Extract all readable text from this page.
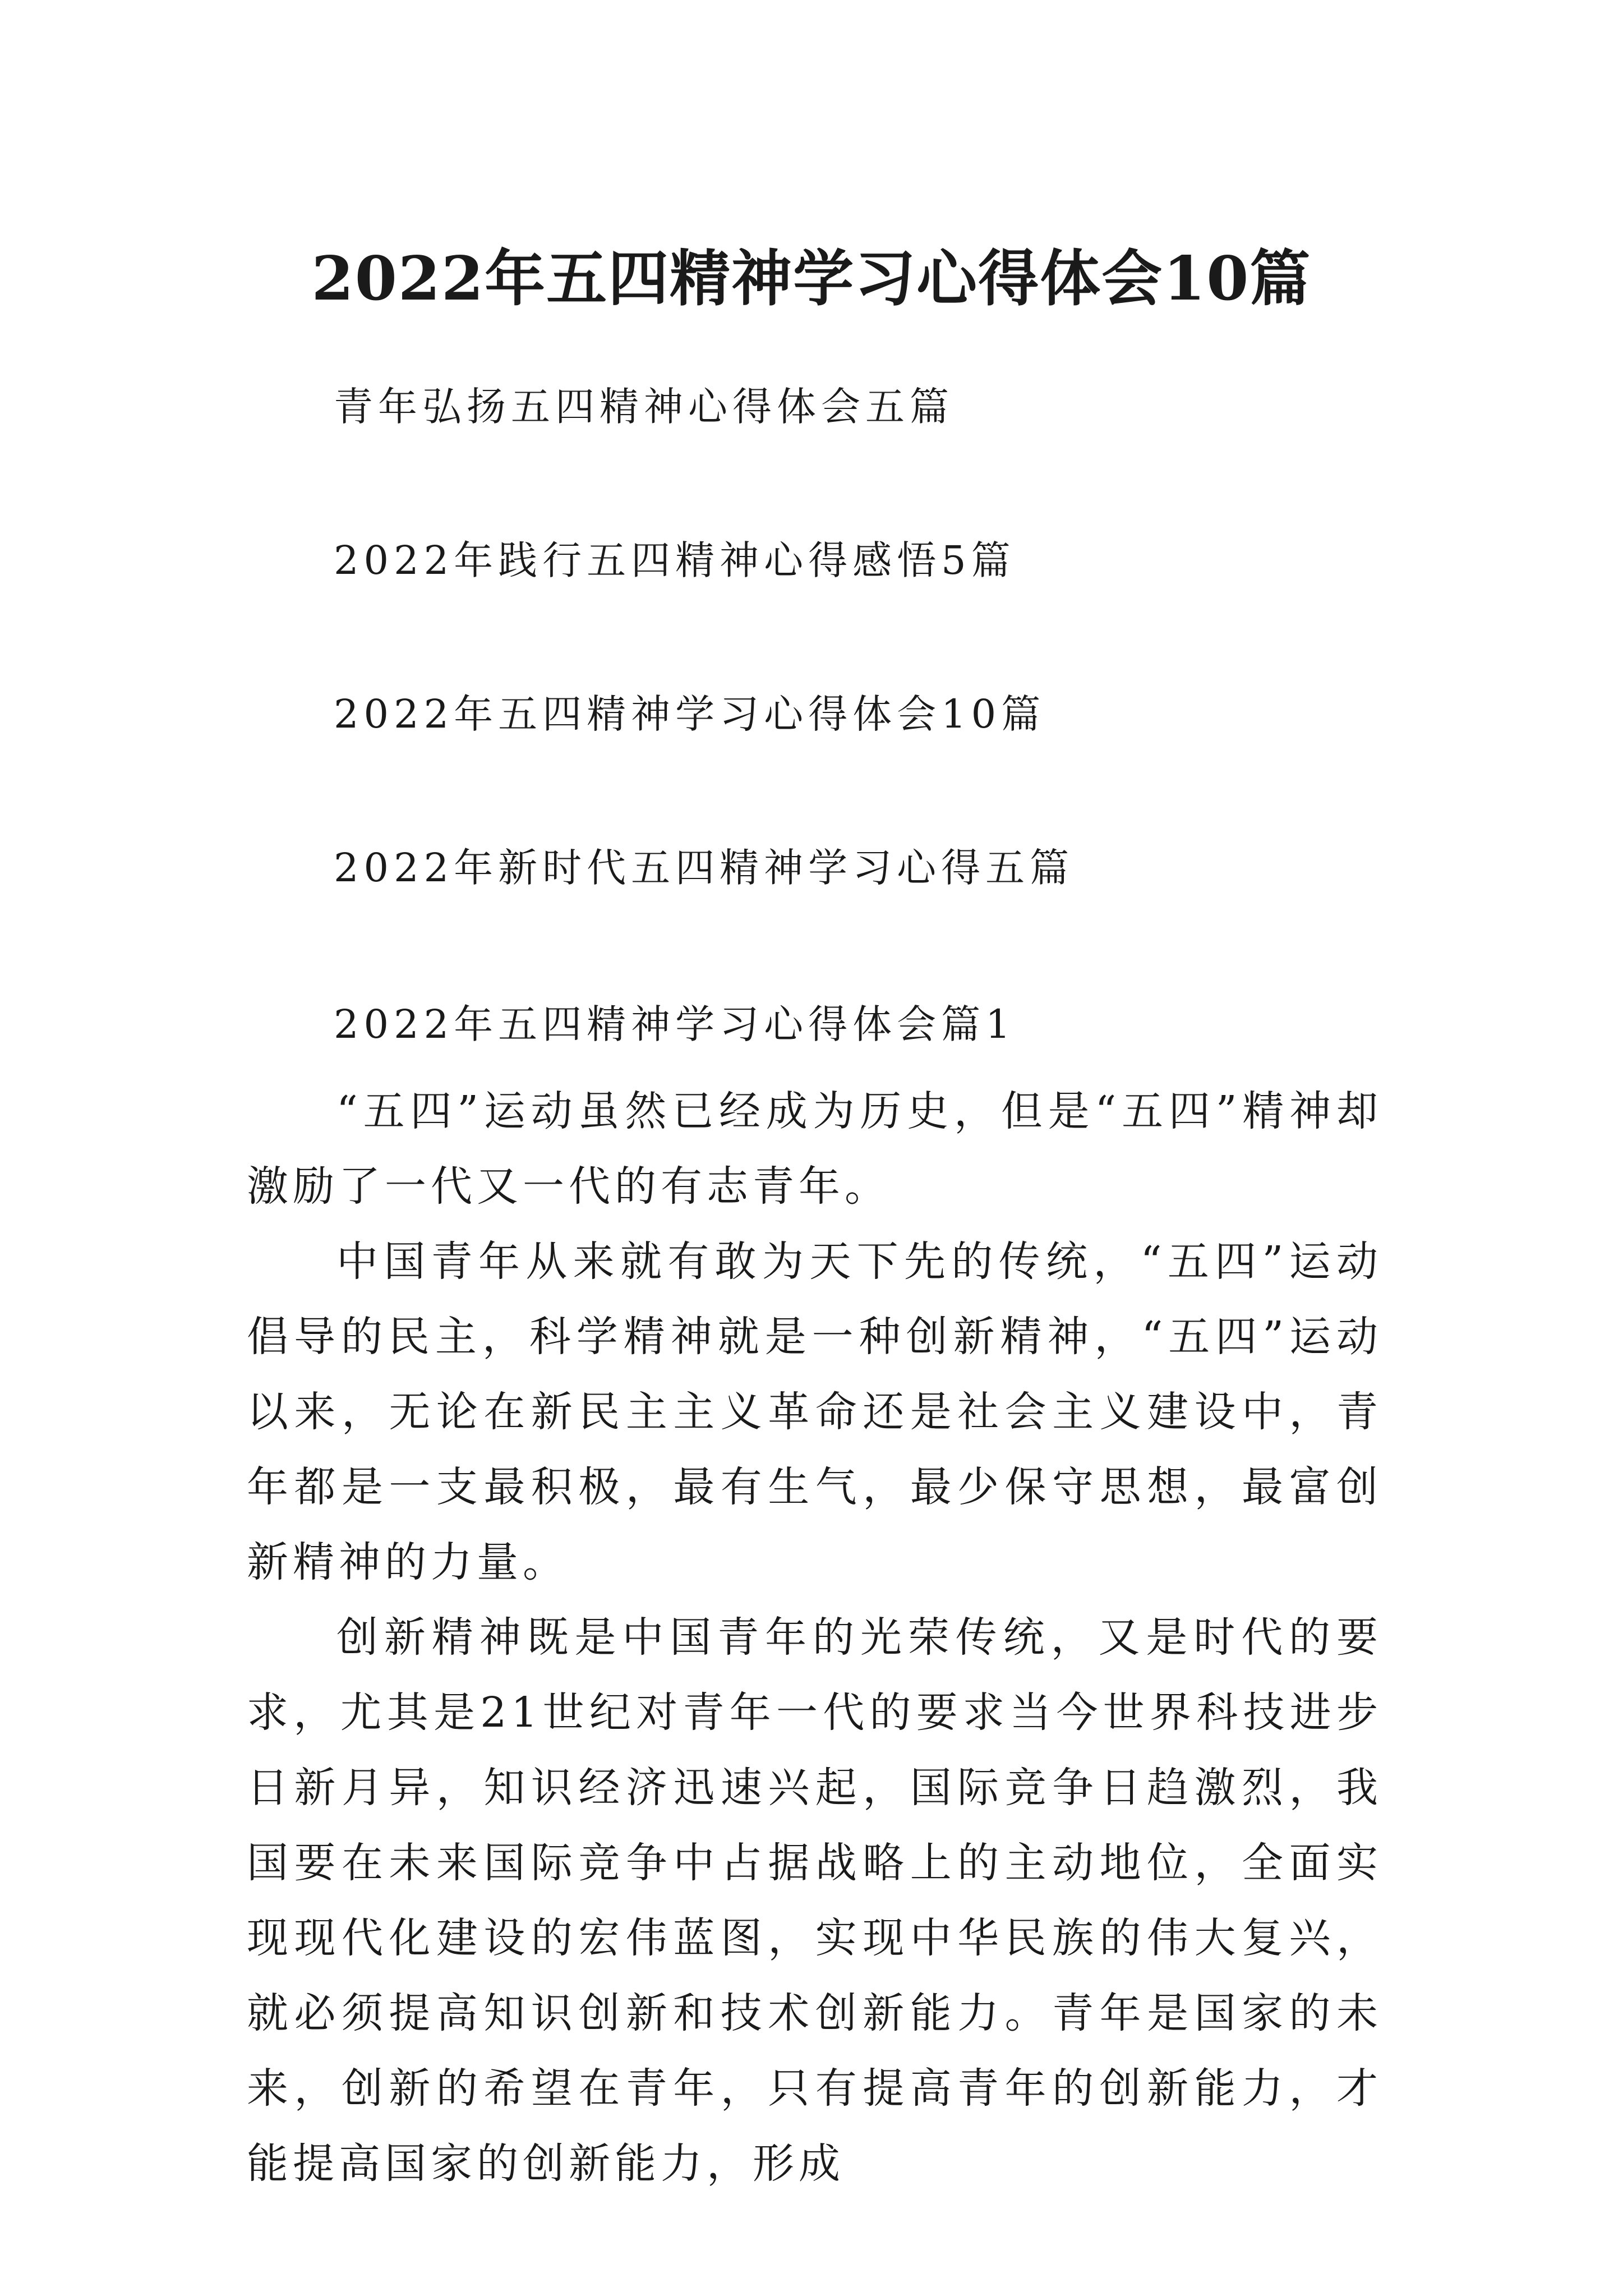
2022年五四精神学习心得体会10篇
青年弘扬五四精神心得体会五篇
2022年践行五四精神心得感悟5篇
2022年五四精神学习心得体会10篇
2022年新时代五四精神学习心得五篇
2022年五四精神学习心得体会篇1

“五四”运动虽然已经成为历史，但是“五四”精神却激励了一代又一代的有志青年。

中国青年从来就有敢为天下先的传统，“五四”运动倡导的民主，科学精神就是一种创新精神，“五四”运动以来，无论在新民主主义革命还是社会主义建设中，青年都是一支最积极，最有生气，最少保守思想，最富创新精神的力量。

创新精神既是中国青年的光荣传统，又是时代的要求，尤其是21世纪对青年一代的要求当今世界科技进步日新月异，知识经济迅速兴起，国际竞争日趋激烈，我国要在未来国际竞争中占据战略上的主动地位，全面实现现代化建设的宏伟蓝图，实现中华民族的伟大复兴，就必须提高知识创新和技术创新能力。青年是国家的未来，创新的希望在青年，只有提高青年的创新能力，才能提高国家的创新能力，形成
